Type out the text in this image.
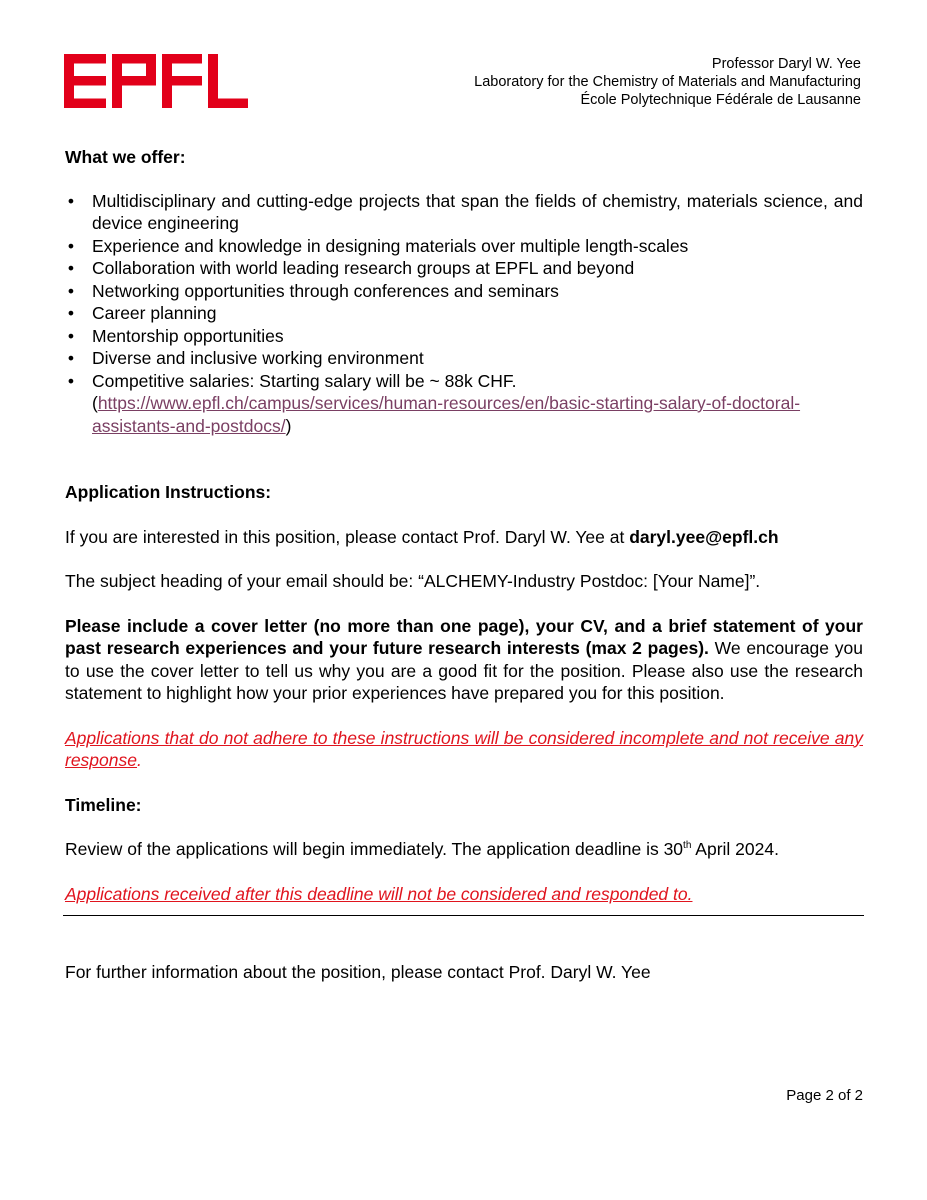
Professor Daryl W. Yee
Laboratory for the Chemistry of Materials and Manufacturing
École Polytechnique Fédérale de Lausanne

What we offer:

• Multidisciplinary and cutting-edge projects that span the fields of chemistry, materials science, and device engineering
• Experience and knowledge in designing materials over multiple length-scales
• Collaboration with world leading research groups at EPFL and beyond
• Networking opportunities through conferences and seminars
• Career planning
• Mentorship opportunities
• Diverse and inclusive working environment
• Competitive salaries: Starting salary will be ~ 88k CHF.
(https://www.epfl.ch/campus/services/human-resources/en/basic-starting-salary-of-doctoral-assistants-and-postdocs/)

Application Instructions:

If you are interested in this position, please contact Prof. Daryl W. Yee at daryl.yee@epfl.ch

The subject heading of your email should be: “ALCHEMY-Industry Postdoc: [Your Name]”.

Please include a cover letter (no more than one page), your CV, and a brief statement of your past research experiences and your future research interests (max 2 pages). We encourage you to use the cover letter to tell us why you are a good fit for the position. Please also use the research statement to highlight how your prior experiences have prepared you for this position.

Applications that do not adhere to these instructions will be considered incomplete and not receive any response.

Timeline:

Review of the applications will begin immediately. The application deadline is 30th April 2024.

Applications received after this deadline will not be considered and responded to.

For further information about the position, please contact Prof. Daryl W. Yee
Page 2 of 2
